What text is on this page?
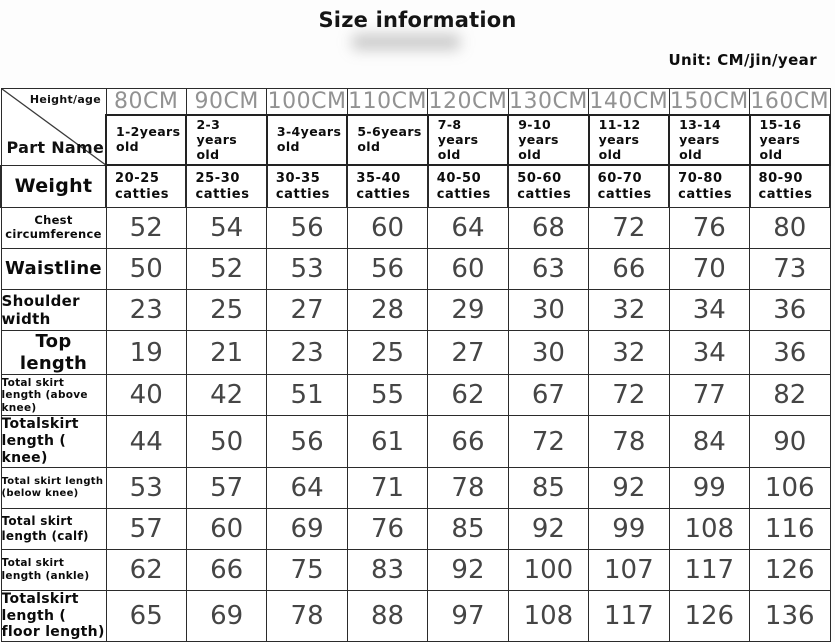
Size information
Unit: CM/jin/year
Height/age
Part Name	80CM	90CM	100CM	110CM	120CM	130CM	140CM	150CM	160CM
	1-2years old	2-3 years old	3-4years old	5-6years old	7-8 years old	9-10 years old	11-12 years old	13-14 years old	15-16 years old
Weight	20-25 catties	25-30 catties	30-35 catties	35-40 catties	40-50 catties	50-60 catties	60-70 catties	70-80 catties	80-90 catties
Chest circumference	52	54	56	60	64	68	72	76	80
Waistline	50	52	53	56	60	63	66	70	73
Shoulder width	23	25	27	28	29	30	32	34	36
Top length	19	21	23	25	27	30	32	34	36
Total skirt length (above knee)	40	42	51	55	62	67	72	77	82
Totalskirt length ( knee)	44	50	56	61	66	72	78	84	90
Total skirt length (below knee)	53	57	64	71	78	85	92	99	106
Total skirt length (calf)	57	60	69	76	85	92	99	108	116
Total skirt length (ankle)	62	66	75	83	92	100	107	117	126
Totalskirt length ( floor length)	65	69	78	88	97	108	117	126	136
